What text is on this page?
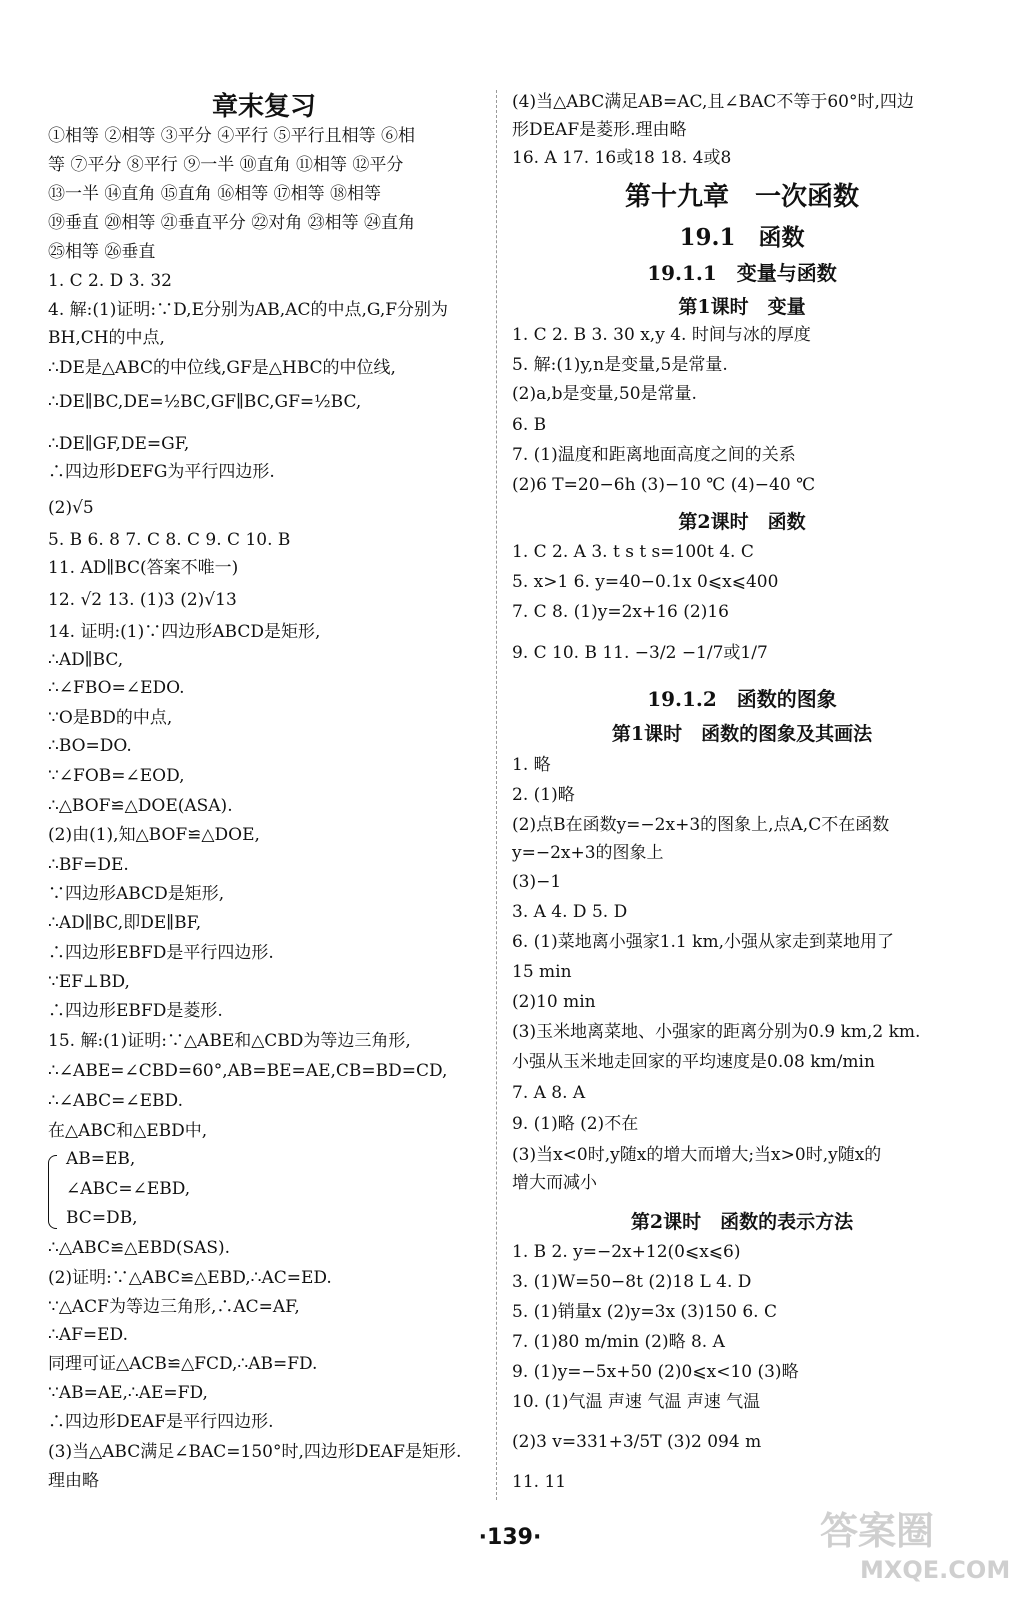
章末复习
①相等 ②相等 ③平分 ④平行 ⑤平行且相等 ⑥相
等 ⑦平分 ⑧平行 ⑨一半 ⑩直角 ⑪相等 ⑫平分
⑬一半 ⑭直角 ⑮直角 ⑯相等 ⑰相等 ⑱相等
⑲垂直 ⑳相等 ㉑垂直平分 ㉒对角 ㉓相等 ㉔直角
㉕相等 ㉖垂直
1. C 2. D 3. 32
4. 解:(1)证明:∵D,E分别为AB,AC的中点,G,F分别为
BH,CH的中点,
∴DE是△ABC的中位线,GF是△HBC的中位线,
∴DE∥BC,DE=½BC,GF∥BC,GF=½BC,
∴DE∥GF,DE=GF,
∴四边形DEFG为平行四边形.
(2)√5
5. B 6. 8 7. C 8. C 9. C 10. B
11. AD∥BC(答案不唯一)
12. √2 13. (1)3 (2)√13
14. 证明:(1)∵四边形ABCD是矩形,
∴AD∥BC,
∴∠FBO=∠EDO.
∵O是BD的中点,
∴BO=DO.
∵∠FOB=∠EOD,
∴△BOF≌△DOE(ASA).
(2)由(1),知△BOF≌△DOE,
∴BF=DE.
∵四边形ABCD是矩形,
∴AD∥BC,即DE∥BF,
∴四边形EBFD是平行四边形.
∵EF⊥BD,
∴四边形EBFD是菱形.
15. 解:(1)证明:∵△ABE和△CBD为等边三角形,
∴∠ABE=∠CBD=60°,AB=BE=AE,CB=BD=CD,
∴∠ABC=∠EBD.
在△ABC和△EBD中,
AB=EB,
∠ABC=∠EBD,
BC=DB,
∴△ABC≌△EBD(SAS).
(2)证明:∵△ABC≌△EBD,∴AC=ED.
∵△ACF为等边三角形,∴AC=AF,
∴AF=ED.
同理可证△ACB≌△FCD,∴AB=FD.
∵AB=AE,∴AE=FD,
∴四边形DEAF是平行四边形.
(3)当△ABC满足∠BAC=150°时,四边形DEAF是矩形.
理由略
第十九章　一次函数
19.1　函数
19.1.1　变量与函数
第1课时　变量
第2课时　函数
19.1.2　函数的图象
第1课时　函数的图象及其画法
第2课时　函数的表示方法
(4)当△ABC满足AB=AC,且∠BAC不等于60°时,四边
形DEAF是菱形.理由略
16. A 17. 16或18 18. 4或8
1. C 2. B 3. 30 x,y 4. 时间与冰的厚度
5. 解:(1)y,n是变量,5是常量.
(2)a,b是变量,50是常量.
6. B
7. (1)温度和距离地面高度之间的关系
(2)6 T=20−6h (3)−10 ℃ (4)−40 ℃
1. C 2. A 3. t s t s=100t 4. C
5. x>1 6. y=40−0.1x 0⩽x⩽400
7. C 8. (1)y=2x+16 (2)16
9. C 10. B 11. −3/2 −1/7或1/7
1. 略
2. (1)略
(2)点B在函数y=−2x+3的图象上,点A,C不在函数
y=−2x+3的图象上
(3)−1
3. A 4. D 5. D
6. (1)菜地离小强家1.1 km,小强从家走到菜地用了
15 min
(2)10 min
(3)玉米地离菜地、小强家的距离分别为0.9 km,2 km.
小强从玉米地走回家的平均速度是0.08 km/min
7. A 8. A
9. (1)略 (2)不在
(3)当x<0时,y随x的增大而增大;当x>0时,y随x的
增大而减小
1. B 2. y=−2x+12(0⩽x⩽6)
3. (1)W=50−8t (2)18 L 4. D
5. (1)销量x (2)y=3x (3)150 6. C
7. (1)80 m/min (2)略 8. A
9. (1)y=−5x+50 (2)0⩽x<10 (3)略
10. (1)气温 声速 气温 声速 气温
(2)3 v=331+3/5T (3)2 094 m
11. 11
·139·	答案圈
MXQE.COM
